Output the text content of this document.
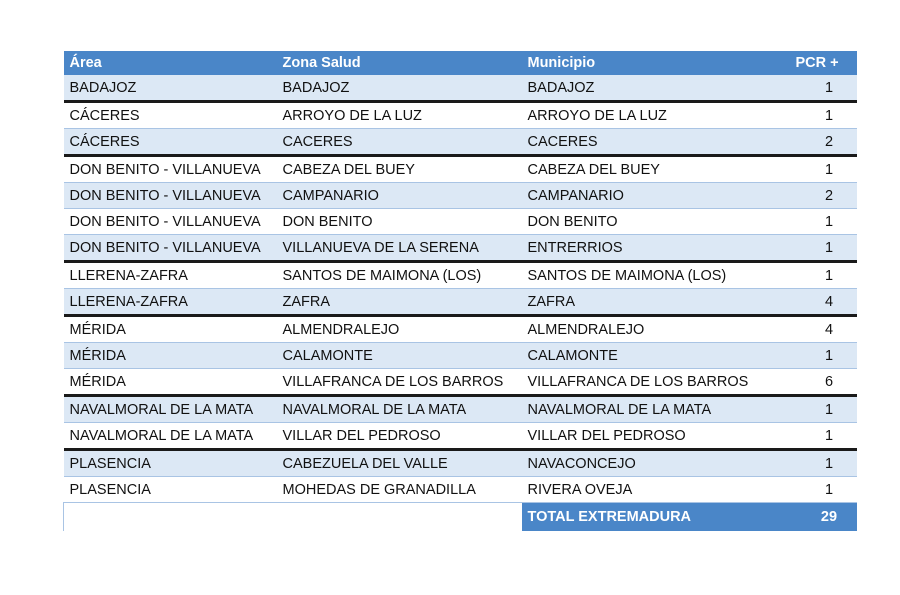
Área	Zona Salud	Municipio	PCR +
BADAJOZ	BADAJOZ	BADAJOZ	1
CÁCERES	ARROYO DE LA LUZ	ARROYO DE LA LUZ	1
CÁCERES	CACERES	CACERES	2
DON BENITO - VILLANUEVA	CABEZA DEL BUEY	CABEZA DEL BUEY	1
DON BENITO - VILLANUEVA	CAMPANARIO	CAMPANARIO	2
DON BENITO - VILLANUEVA	DON BENITO	DON BENITO	1
DON BENITO - VILLANUEVA	VILLANUEVA DE LA SERENA	ENTRERRIOS	1
LLERENA-ZAFRA	SANTOS DE MAIMONA (LOS)	SANTOS DE MAIMONA (LOS)	1
LLERENA-ZAFRA	ZAFRA	ZAFRA	4
MÉRIDA	ALMENDRALEJO	ALMENDRALEJO	4
MÉRIDA	CALAMONTE	CALAMONTE	1
MÉRIDA	VILLAFRANCA DE LOS BARROS	VILLAFRANCA DE LOS BARROS	6
NAVALMORAL DE LA MATA	NAVALMORAL DE LA MATA	NAVALMORAL DE LA MATA	1
NAVALMORAL DE LA MATA	VILLAR DEL PEDROSO	VILLAR DEL PEDROSO	1
PLASENCIA	CABEZUELA DEL VALLE	NAVACONCEJO	1
PLASENCIA	MOHEDAS DE GRANADILLA	RIVERA OVEJA	1
		TOTAL EXTREMADURA	29
